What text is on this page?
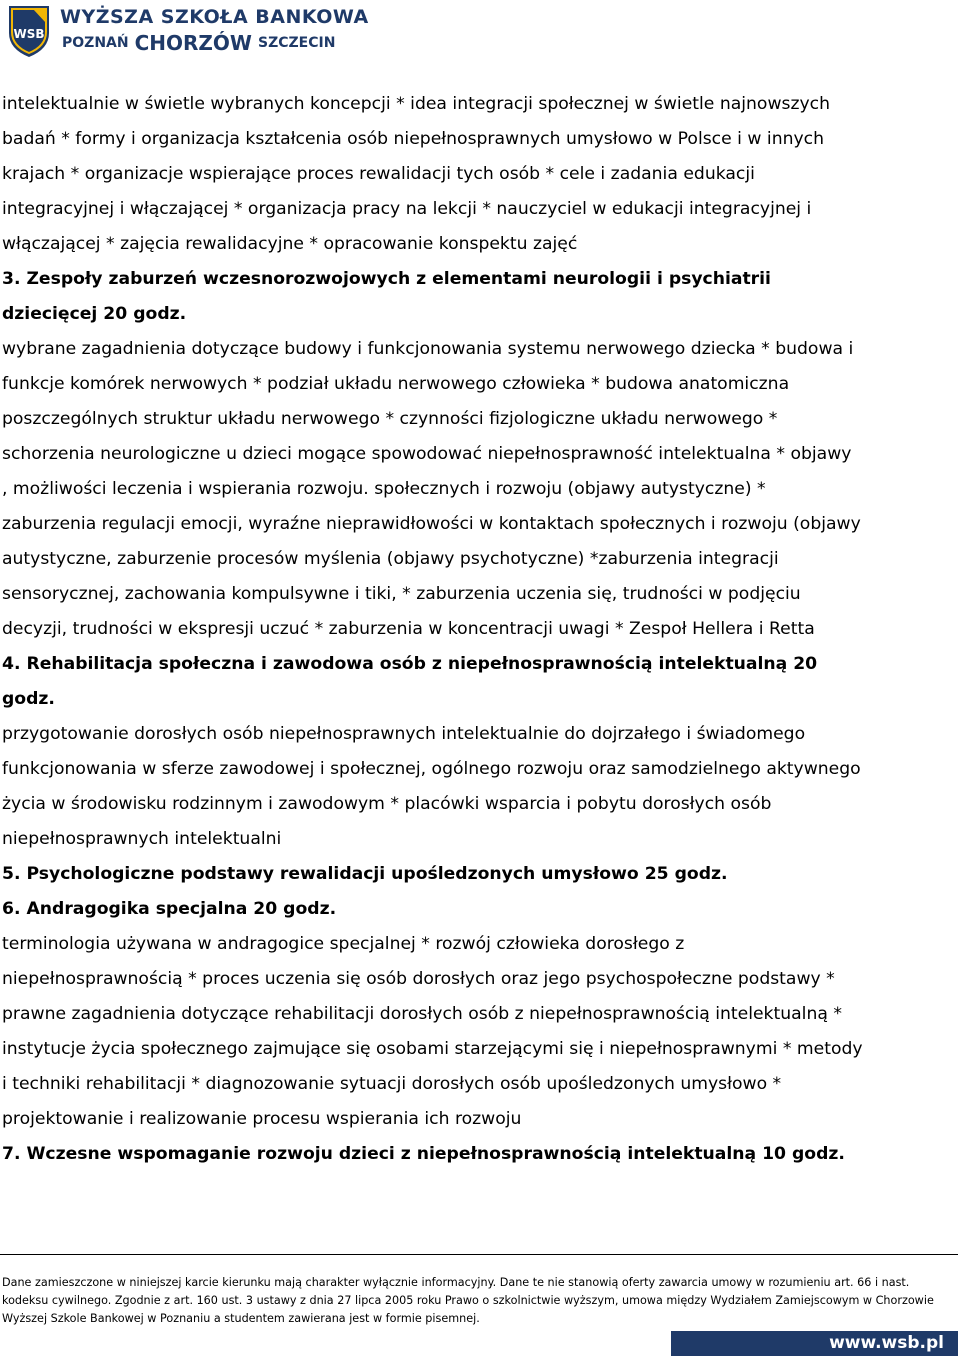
WSB
WYŻSZA SZKOŁA BANKOWA
POZNAŃ CHORZÓW SZCZECIN
intelektualnie w świetle wybranych koncepcji * idea integracji społecznej w świetle najnowszych
badań * formy i organizacja kształcenia osób niepełnosprawnych umysłowo w Polsce i w innych
krajach * organizacje wspierające proces rewalidacji tych osób * cele i zadania edukacji
integracyjnej i włączającej * organizacja pracy na lekcji * nauczyciel w edukacji integracyjnej i
włączającej * zajęcia rewalidacyjne * opracowanie konspektu zajęć
3. Zespoły zaburzeń wczesnorozwojowych z elementami neurologii i psychiatrii
dziecięcej 20 godz.
wybrane zagadnienia dotyczące budowy i funkcjonowania systemu nerwowego dziecka * budowa i
funkcje komórek nerwowych * podział układu nerwowego człowieka * budowa anatomiczna
poszczególnych struktur układu nerwowego * czynności fizjologiczne układu nerwowego *
schorzenia neurologiczne u dzieci mogące spowodować niepełnosprawność intelektualna * objawy
, możliwości leczenia i wspierania rozwoju. społecznych i rozwoju (objawy autystyczne) *
zaburzenia regulacji emocji, wyraźne nieprawidłowości w kontaktach społecznych i rozwoju (objawy
autystyczne, zaburzenie procesów myślenia (objawy psychotyczne) *zaburzenia integracji
sensorycznej, zachowania kompulsywne i tiki, * zaburzenia uczenia się, trudności w podjęciu
decyzji, trudności w ekspresji uczuć * zaburzenia w koncentracji uwagi * Zespoł Hellera i Retta
4. Rehabilitacja społeczna i zawodowa osób z niepełnosprawnością intelektualną 20
godz.
przygotowanie dorosłych osób niepełnosprawnych intelektualnie do dojrzałego i świadomego
funkcjonowania w sferze zawodowej i społecznej, ogólnego rozwoju oraz samodzielnego aktywnego
życia w środowisku rodzinnym i zawodowym * placówki wsparcia i pobytu dorosłych osób
niepełnosprawnych intelektualni
5. Psychologiczne podstawy rewalidacji upośledzonych umysłowo 25 godz.
6. Andragogika specjalna 20 godz.
terminologia używana w andragogice specjalnej * rozwój człowieka dorosłego z
niepełnosprawnością * proces uczenia się osób dorosłych oraz jego psychospołeczne podstawy *
prawne zagadnienia dotyczące rehabilitacji dorosłych osób z niepełnosprawnością intelektualną *
instytucje życia społecznego zajmujące się osobami starzejącymi się i niepełnosprawnymi * metody
i techniki rehabilitacji * diagnozowanie sytuacji dorosłych osób upośledzonych umysłowo *
projektowanie i realizowanie procesu wspierania ich rozwoju
7. Wczesne wspomaganie rozwoju dzieci z niepełnosprawnością intelektualną 10 godz.
Dane zamieszczone w niniejszej karcie kierunku mają charakter wyłącznie informacyjny. Dane te nie stanowią oferty zawarcia umowy w rozumieniu art. 66 i nast.
kodeksu cywilnego. Zgodnie z art. 160 ust. 3 ustawy z dnia 27 lipca 2005 roku Prawo o szkolnictwie wyższym, umowa między Wydziałem Zamiejscowym w Chorzowie
Wyższej Szkole Bankowej w Poznaniu a studentem zawierana jest w formie pisemnej.
www.wsb.pl
